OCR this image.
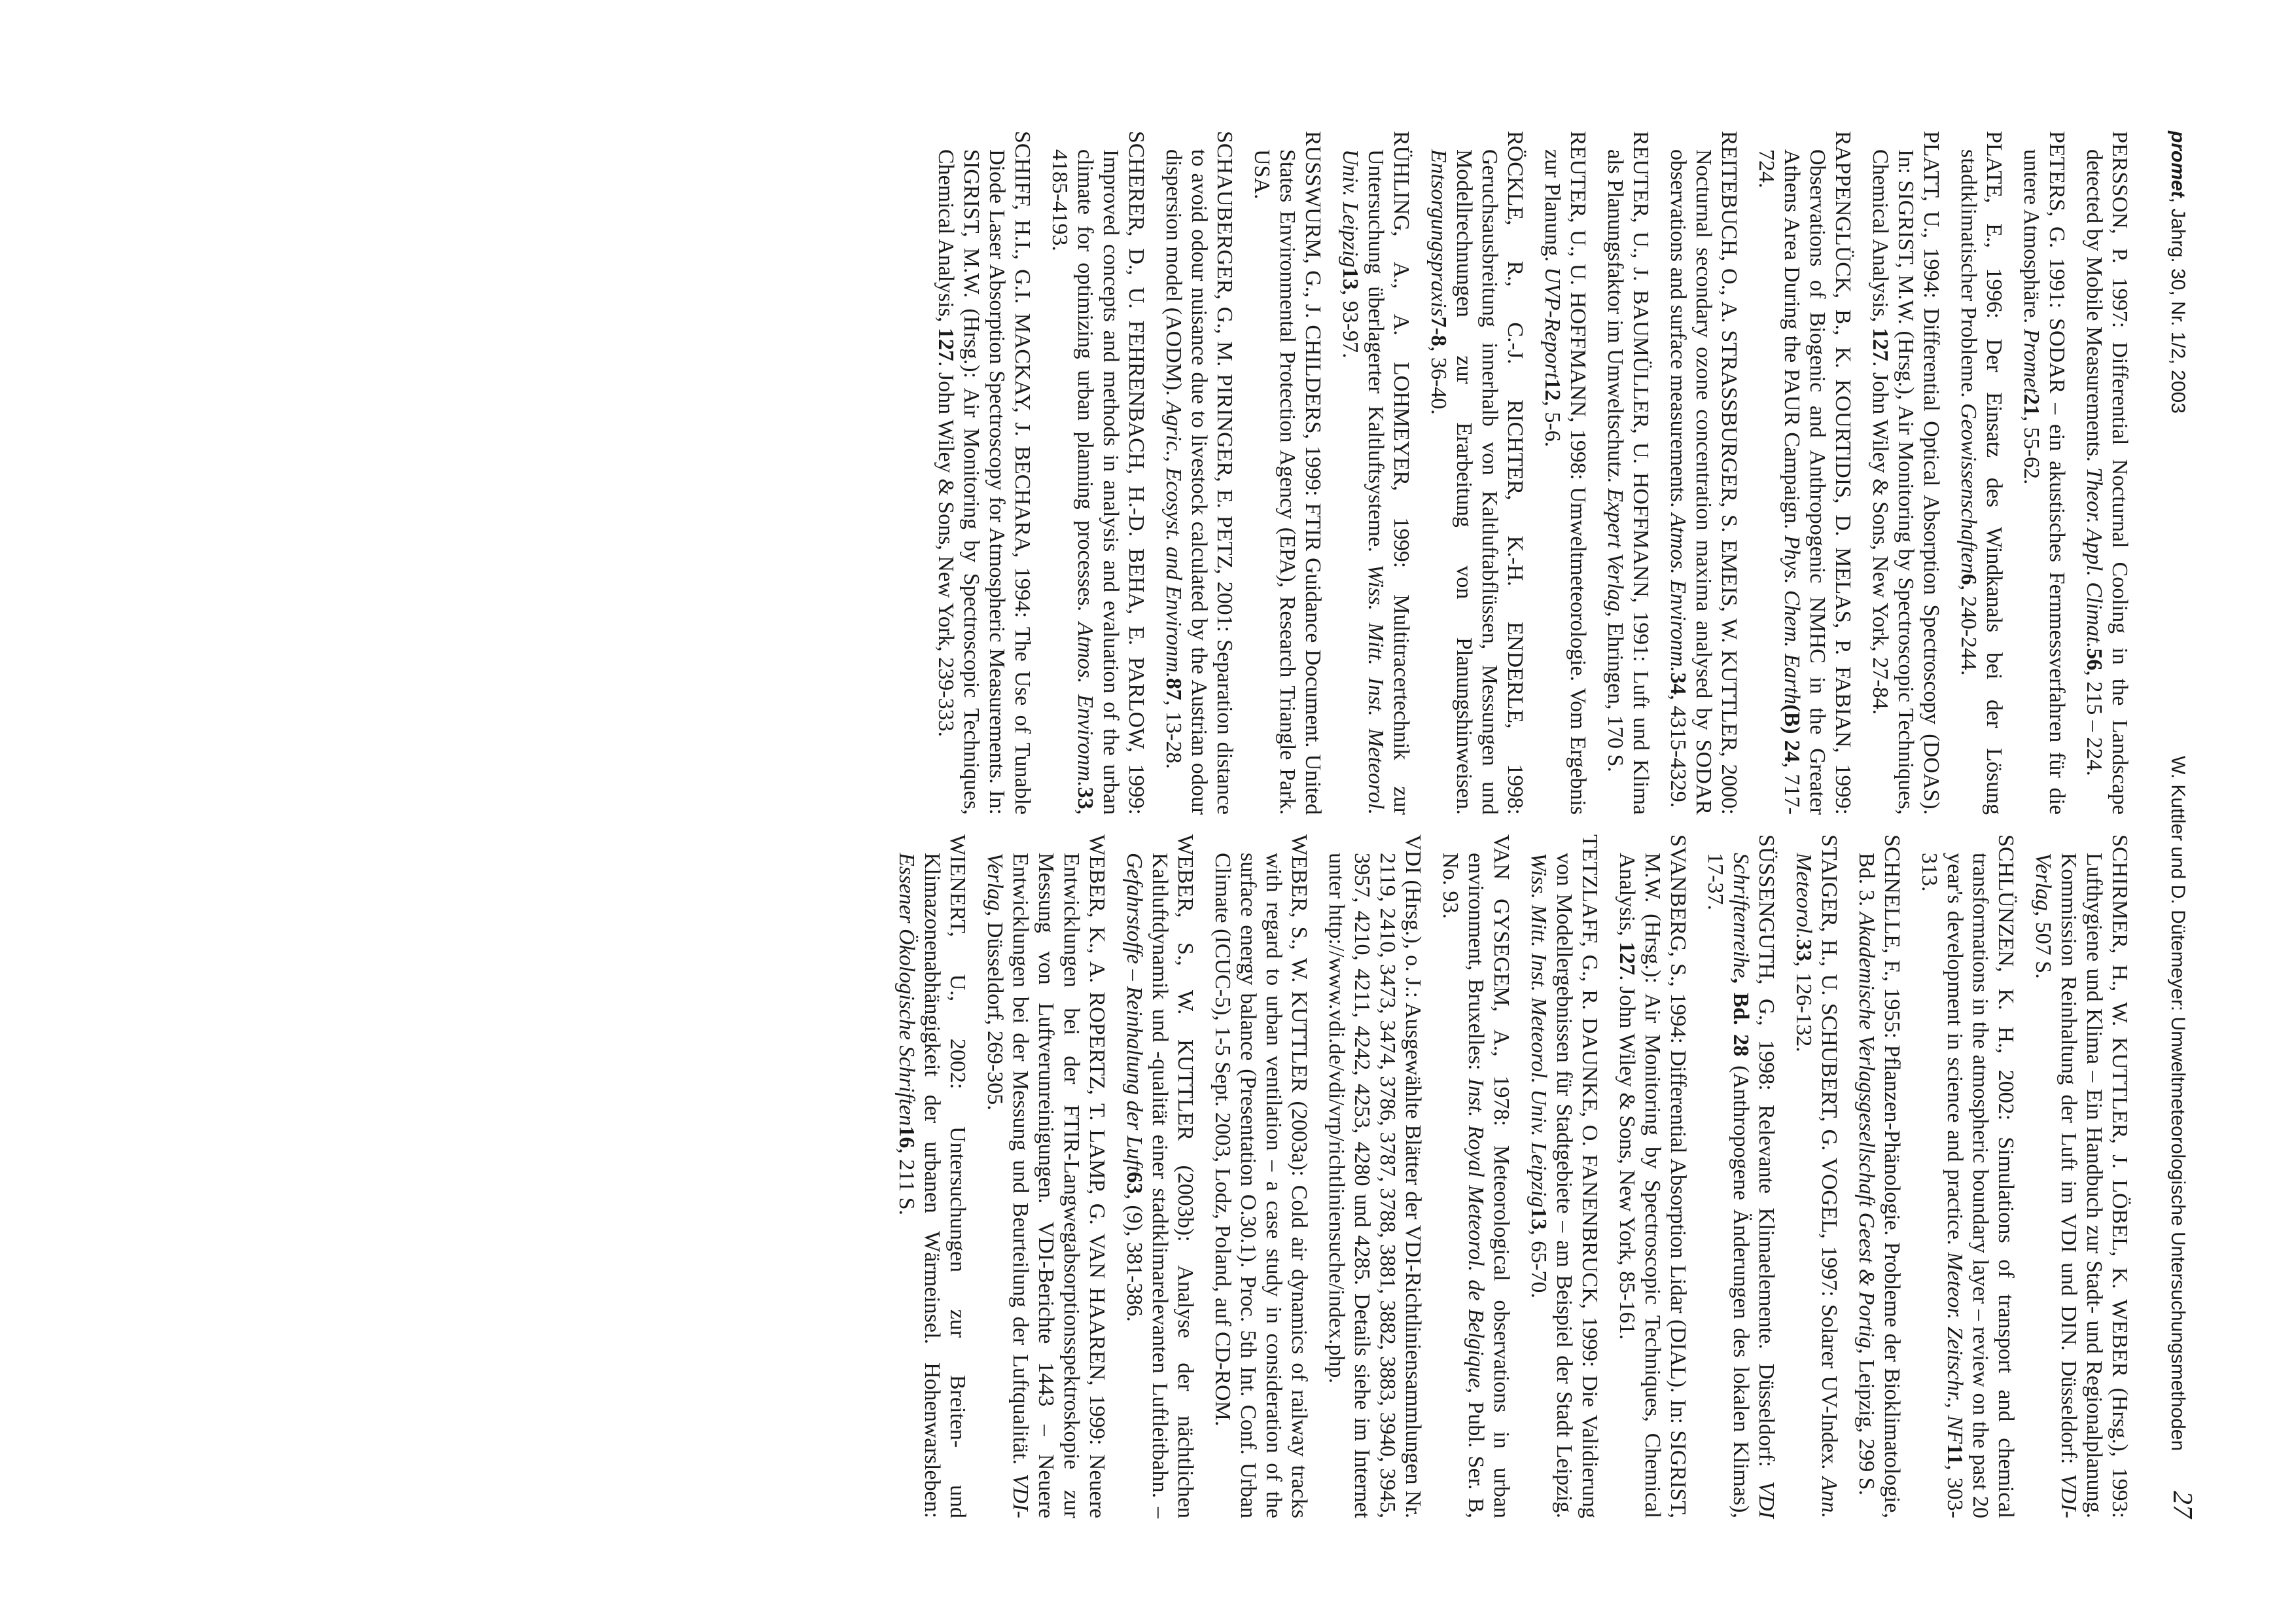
promet, Jahrg. 30, Nr. 1/2, 2003
W. Kuttler und D. Dütemeyer: Umweltmeteorologische Untersuchungsmethoden
27

PERSSON, P. 1997: Differential Nocturnal Cooling in the Landscape detected by Mobile Measurements. Theor. Appl. Climat.56, 215 – 224.

PETERS, G. 1991: SODAR – ein akustisches Fernmessverfahren für die untere Atmosphäre. Promet21, 55-62.

PLATE, E., 1996: Der Einsatz des Windkanals bei der Lösung stadtklimatischer Probleme. Geowissenschaften6, 240-244.

PLATT, U., 1994: Differential Optical Absorption Spectroscopy (DOAS). In: SIGRIST, M.W. (Hrsg.), Air Monitoring by Spectroscopic Techniques, Chemical Analysis, 127. John Wiley & Sons, New York, 27-84.

RAPPENGLÜCK, B., K. KOURTIDIS, D. MELAS, P. FABIAN, 1999: Observations of Biogenic and Anthropogenic NMHC in the Greater Athens Area During the PAUR Campaign. Phys. Chem. Earth(B) 24, 717-724.

REITEBUCH, O., A. STRASSBURGER, S. EMEIS, W. KUTTLER, 2000: Nocturnal secondary ozone concentration maxima analysed by SODAR observations and surface measurements. Atmos. Environm.34, 4315-4329.

REUTER, U., J. BAUMÜLLER, U. HOFFMANN, 1991: Luft und Klima als Planungsfaktor im Umweltschutz. Expert Verlag, Ehringen, 170 S.

REUTER, U., U. HOFFMANN, 1998: Umweltmeteorologie. Vom Ergebnis zur Planung. UVP-Report12, 5-6.

RÖCKLE, R., C.-J. RICHTER, K.-H. ENDERLE, 1998: Geruchsausbreitung innerhalb von Kaltluftabflüssen, Messungen und Modellrechnungen zur Erarbeitung von Planungshinweisen. Entsorgungspraxis7-8, 36-40.

RÜHLING, A., A. LOHMEYER, 1999: Multitracertechnik zur Untersuchung überlagerter Kaltluftsysteme. Wiss. Mitt. Inst. Meteorol. Univ. Leipzig13, 93-97.

RUSSWURM, G., J. CHILDERS, 1999: FTIR Guidance Document. United States Environmental Protection Agency (EPA), Research Triangle Park. USA.

SCHAUBERGER, G., M. PIRINGER, E. PETZ, 2001: Separation distance to avoid odour nuisance due to livestock calculated by the Austrian odour dispersion model (AODM). Agric., Ecosyst. and Environm.87, 13-28.

SCHERER, D., U. FEHRENBACH, H.-D. BEHA, E. PARLOW, 1999: Improved concepts and methods in analysis and evaluation of the urban climate for optimizing urban planning processes. Atmos. Environm.33, 4185-4193.

SCHIFF, H.I., G.I. MACKAY, J. BECHARA, 1994: The Use of Tunable Diode Laser Absorption Spectroscopy for Atmospheric Measurements. In: SIGRIST, M.W. (Hrsg.): Air Monitoring by Spectroscopic Techniques, Chemical Analysis, 127. John Wiley & Sons, New York, 239-333.

SCHIRMER, H., W. KUTTLER, J. LÖBEL, K. WEBER (Hrsg.), 1993: Lufthygiene und Klima – Ein Handbuch zur Stadt- und Regionalplanung. Kommission Reinhaltung der Luft im VDI und DIN. Düsseldorf: VDI-Verlag, 507 S.

SCHLÜNZEN, K. H., 2002: Simulations of transport and chemical transformations in the atmospheric boundary layer – review on the past 20 year's development in science and practice. Meteor. Zeitschr., NF11, 303-313.

SCHNELLE, F., 1955: Pflanzen-Phänologie. Probleme der Bioklimatologie, Bd. 3. Akademische Verlagsgesellschaft Geest & Portig, Leipzig, 299 S.

STAIGER, H., U. SCHUBERT, G. VOGEL, 1997: Solarer UV-Index. Ann. Meteorol.33, 126-132.

SÜSSENGUTH, G., 1998: Relevante Klimaelemente. Düsseldorf: VDI Schriftenreihe, Bd. 28 (Anthropogene Änderungen des lokalen Klimas), 17-37.

SVANBERG, S., 1994: Differential Absorption Lidar (DIAL). In: SIGRIST, M.W. (Hrsg.): Air Monitoring by Spectroscopic Techniques, Chemical Analysis, 127. John Wiley & Sons, New York, 85-161.

TETZLAFF, G., R. DAUNKE, O. FANENBRUCK, 1999: Die Validierung von Modellergebnissen für Stadtgebiete – am Beispiel der Stadt Leipzig. Wiss. Mitt. Inst. Meteorol. Univ. Leipzig13, 65-70.

VAN GYSEGEM, A., 1978: Meteorological observations in urban environment, Bruxelles: Inst. Royal Meteorol. de Belgique, Publ. Ser. B, No. 93.

VDI (Hrsg.), o. J.: Ausgewählte Blätter der VDI-Richtliniensammlungen Nr. 2119, 2410, 3473, 3474, 3786, 3787, 3788, 3881, 3882, 3883, 3940, 3945, 3957, 4210, 4211, 4242, 4253, 4280 und 4285. Details siehe im Internet unter http://www.vdi.de/vdi/vrp/richtliniensuche/index.php.

WEBER, S., W. KUTTLER (2003a): Cold air dynamics of railway tracks with regard to urban ventilation – a case study in consideration of the surface energy balance (Presentation O.30.1). Proc. 5th Int. Conf. Urban Climate (ICUC-5), 1-5 Sept. 2003, Lodz, Poland, auf CD-ROM.

WEBER, S., W. KUTTLER (2003b): Analyse der nächtlichen Kaltluftdynamik und -qualität einer stadtklimarelevanten Luftleitbahn. – Gefahrstoffe – Reinhaltung der Luft63, (9), 381-386.

WEBER, K., A. ROPERTZ, T. LAMP, G. VAN HAAREN, 1999: Neuere Entwicklungen bei der FTIR-Langwegabsorptionsspektroskopie zur Messung von Luftverunreinigungen. VDI-Berichte 1443 – Neuere Entwicklungen bei der Messung und Beurteilung der Luftqualität. VDI-Verlag, Düsseldorf, 269-305.

WIENERT, U., 2002: Untersuchungen zur Breiten- und Klimazonenabhängigkeit der urbanen Wärmeinsel. Hohenwarsleben: Essener Ökologische Schriften16, 211 S.
